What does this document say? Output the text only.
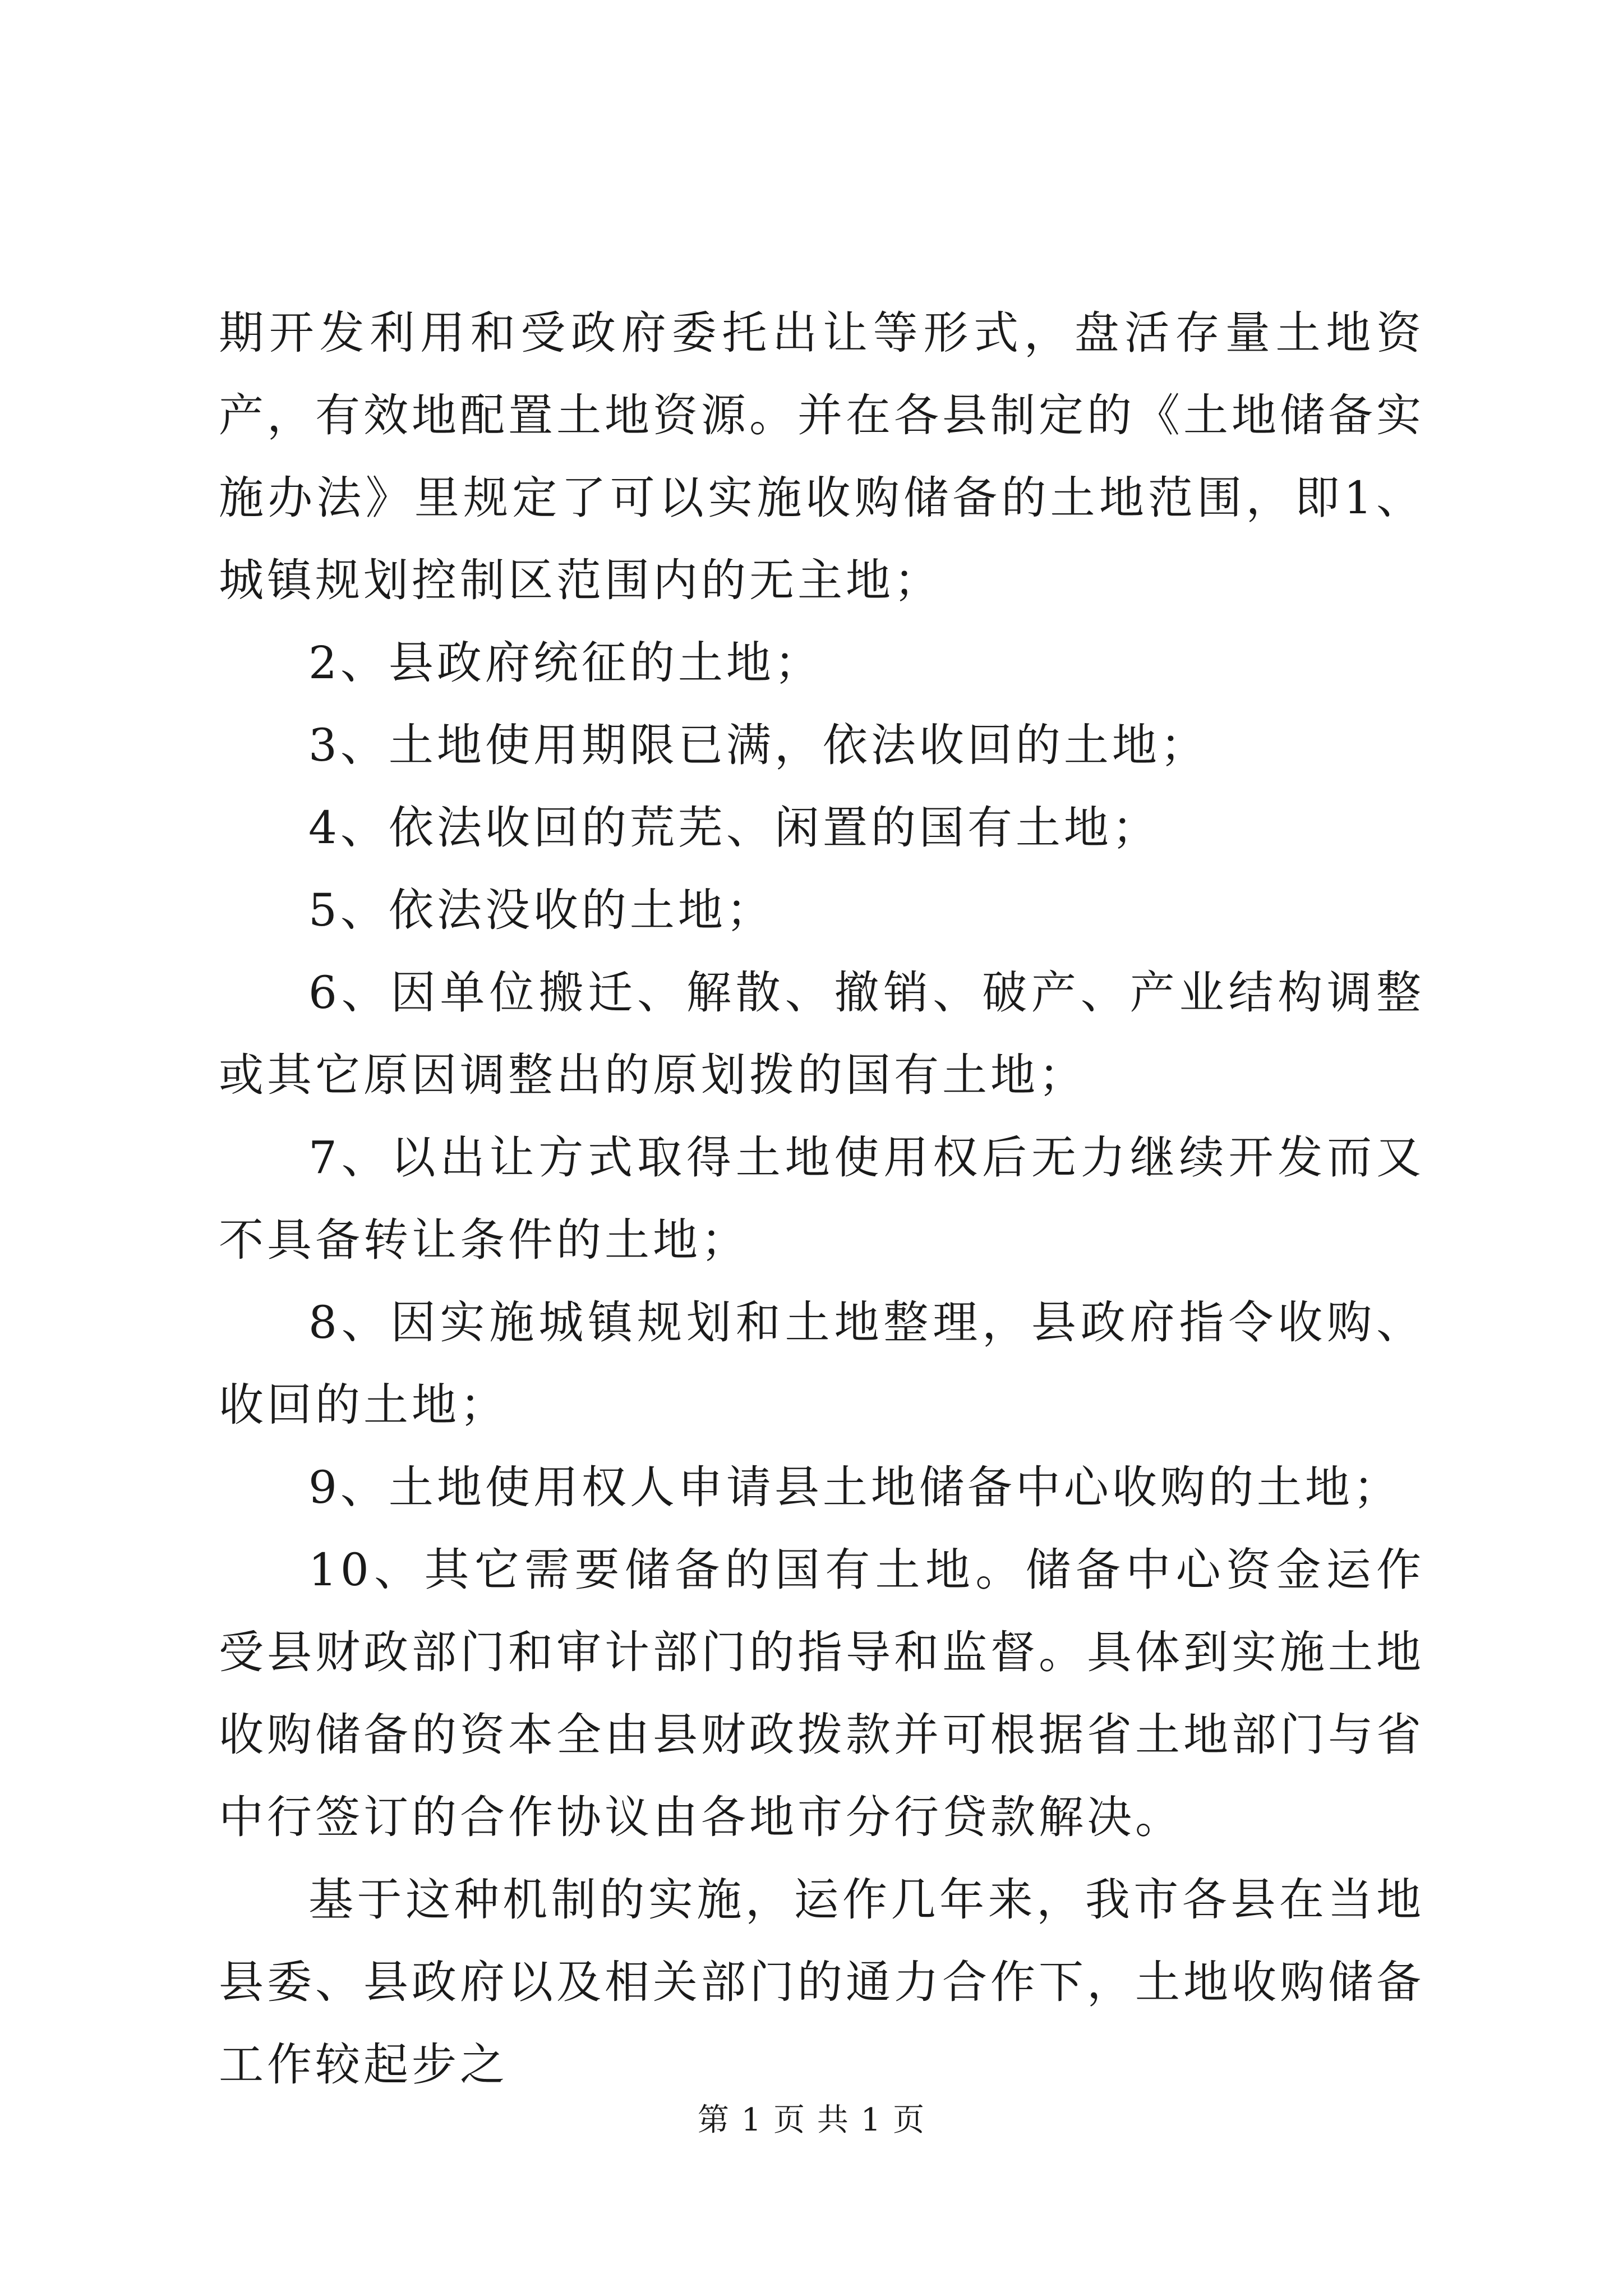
期开发利用和受政府委托出让等形式，盘活存量土地资产，有效地配置土地资源。并在各县制定的《土地储备实施办法》里规定了可以实施收购储备的土地范围，即1、城镇规划控制区范围内的无主地；

2、县政府统征的土地；

3、土地使用期限已满，依法收回的土地；

4、依法收回的荒芜、闲置的国有土地；

5、依法没收的土地；

6、因单位搬迁、解散、撤销、破产、产业结构调整或其它原因调整出的原划拨的国有土地；

7、以出让方式取得土地使用权后无力继续开发而又不具备转让条件的土地；

8、因实施城镇规划和土地整理，县政府指令收购、收回的土地；

9、土地使用权人申请县土地储备中心收购的土地；

10、其它需要储备的国有土地。储备中心资金运作受县财政部门和审计部门的指导和监督。具体到实施土地收购储备的资本全由县财政拨款并可根据省土地部门与省中行签订的合作协议由各地市分行贷款解决。

基于这种机制的实施，运作几年来，我市各县在当地县委、县政府以及相关部门的通力合作下，土地收购储备工作较起步之

第 1 页 共 1 页
